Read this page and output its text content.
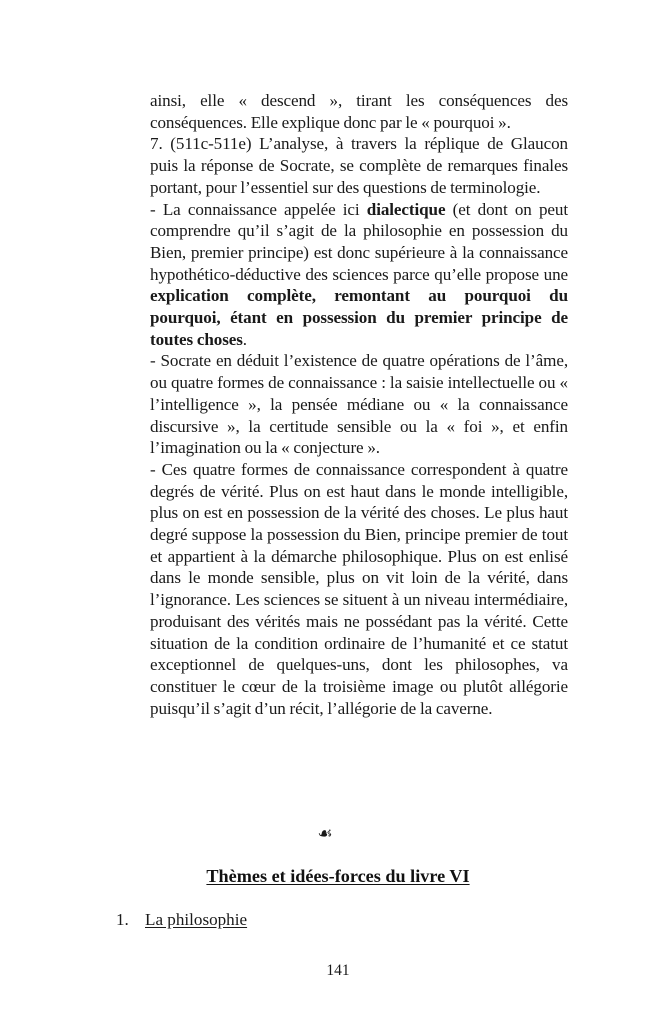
ainsi, elle « descend », tirant les conséquences des conséquences. Elle explique donc par le « pourquoi ».

7. (511c-511e) L’analyse, à travers la réplique de Glaucon puis la réponse de Socrate, se complète de remarques finales portant, pour l’essentiel sur des questions de terminologie.

- La connaissance appelée ici dialectique (et dont on peut comprendre qu’il s’agit de la philosophie en possession du Bien, premier principe) est donc supérieure à la connaissance hypothético-déductive des sciences parce qu’elle propose une explication complète, remontant au pourquoi du pourquoi, étant en possession du premier principe de toutes choses.

- Socrate en déduit l’existence de quatre opérations de l’âme, ou quatre formes de connaissance : la saisie intellectuelle ou « l’intelligence », la pensée médiane ou « la connaissance discursive », la certitude sensible ou la « foi », et enfin l’imagination ou la « conjecture ».

- Ces quatre formes de connaissance correspondent à quatre degrés de vérité. Plus on est haut dans le monde intelligible, plus on est en possession de la vérité des choses. Le plus haut degré suppose la possession du Bien, principe premier de tout et appartient à la démarche philosophique. Plus on est enlisé dans le monde sensible, plus on vit loin de la vérité, dans l’ignorance. Les sciences se situent à un niveau intermédiaire, produisant des vérités mais ne possédant pas la vérité. Cette situation de la condition ordinaire de l’humanité et ce statut exceptionnel de quelques-uns, dont les philosophes, va constituer le cœur de la troisième image ou plutôt allégorie puisqu’il s’agit d’un récit, l’allégorie de la caverne.

☙
Thèmes et idées-forces du livre VI
1. La philosophie
141
